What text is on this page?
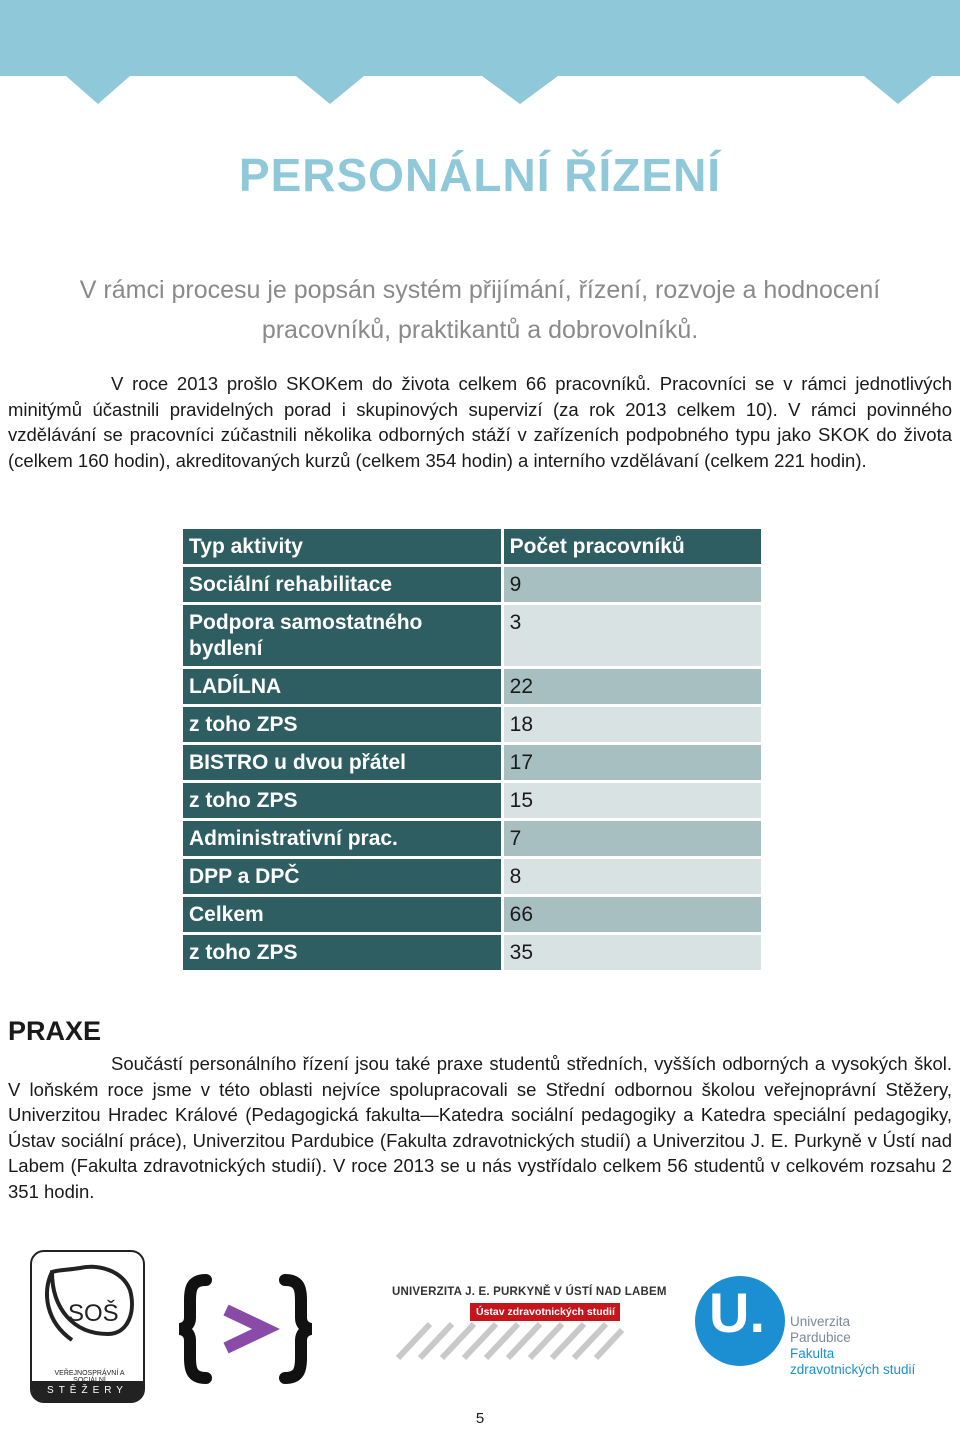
PERSONÁLNÍ ŘÍZENÍ

V rámci procesu je popsán systém přijímání, řízení, rozvoje a hodnocení pracovníků, praktikantů a dobrovolníků.

V roce 2013 prošlo SKOKem do života celkem 66 pracovníků. Pracovníci se v rámci jednotlivých minitýmů účastnili pravidelných porad i skupinových supervizí (za rok 2013 celkem 10). V rámci povinného vzdělávání se pracovníci zúčastnili několika odborných stáží v zařízeních podpobného typu jako SKOK do života (celkem 160 hodin), akreditovaných kurzů (celkem 354 hodin) a interního vzdělávaní (celkem 221 hodin).

Typ aktivity	Počet pracovníků
Sociální rehabilitace	9
Podpora samostatného bydlení	3
LADÍLNA	22
z toho ZPS	18
BISTRO u dvou přátel	17
z toho ZPS	15
Administrativní prac.	7
DPP a DPČ	8
Celkem	66
z toho ZPS	35
PRAXE

Součástí personálního řízení jsou také praxe studentů středních, vyšších odborných a vysokých škol. V loňském roce jsme v této oblasti nejvíce spolupracovali se Střední odbornou školou veřejnoprávní Stěžery, Univerzitou Hradec Králové (Pedagogická fakulta—Katedra sociální pedagogiky a Katedra speciální pedagogiky, Ústav sociální práce), Univerzitou Pardubice (Fakulta zdravotnických studií) a Univerzitou J. E. Purkyně v Ústí nad Labem (Fakulta zdravotnických studií). V roce 2013 se u nás vystřídalo celkem 56 studentů v celkovém rozsahu 2 351 hodin.

SOŠ
VEŘEJNOSPRÁVNÍ A
STĚŽERY
UNIVERZITA J. E. PURKYNĚ V ÚSTÍ NAD LABEM
Ústav zdravotnických studií U. Univerzita
Pardubice
Fakulta
zdravotnických studií
5
